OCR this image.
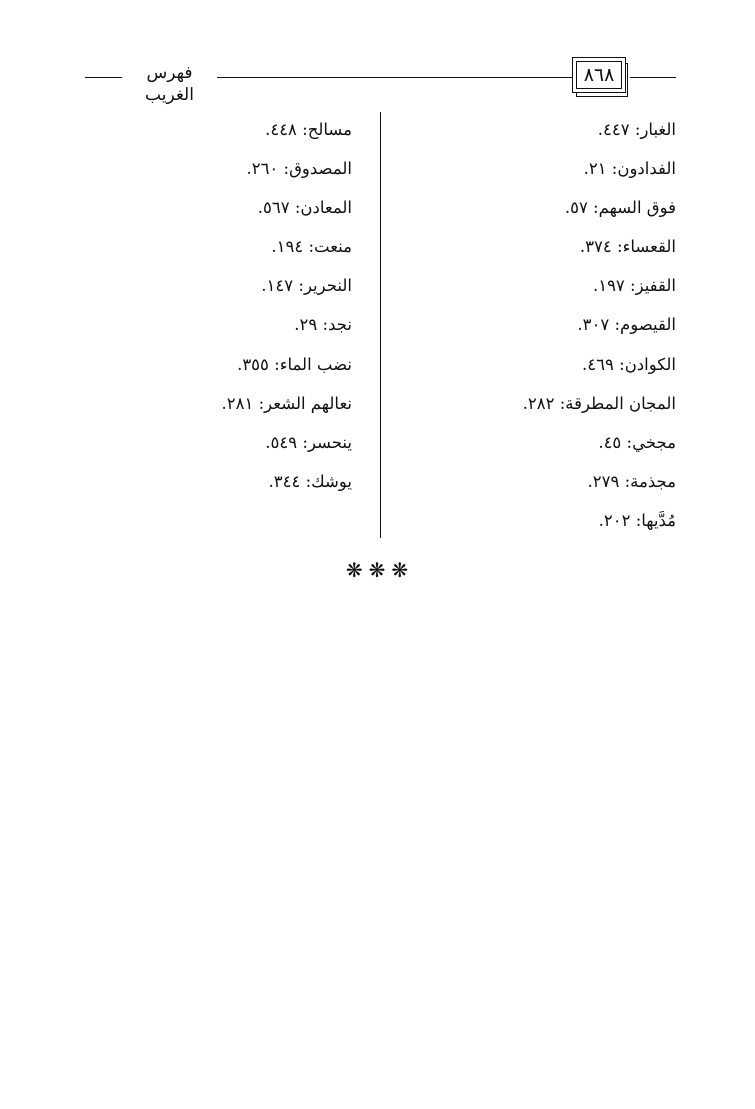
فهرس الغريب
٨٦٨
الغبار: ٤٤٧.
الفدادون: ٢١.
فوق السهم: ٥٧.
القعساء: ٣٧٤.
القفيز: ١٩٧.
القيصوم: ٣٠٧.
الكوادن: ٤٦٩.
المجان المطرقة: ٢٨٢.
مجخي: ٤٥.
مجذمة: ٢٧٩.
مُدَّيها: ٢٠٢.
مسالح: ٤٤٨.
المصدوق: ٢٦٠.
المعادن: ٥٦٧.
منعت: ١٩٤.
النحرير: ١٤٧.
نجد: ٢٩.
نضب الماء: ٣٥٥.
نعالهم الشعر: ٢٨١.
ينحسر: ٥٤٩.
يوشك: ٣٤٤.
❋❋❋
